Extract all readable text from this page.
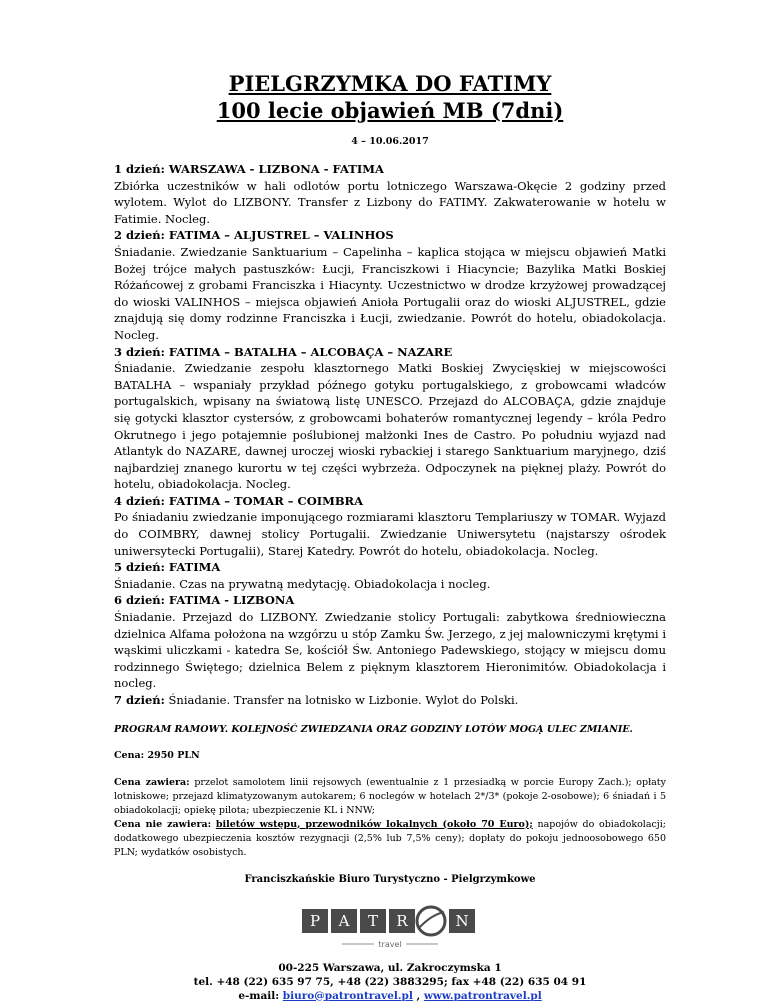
PIELGRZYMKA DO FATIMY
100 lecie objawień MB (7dni)
4 – 10.06.2017

1 dzień: WARSZAWA - LIZBONA - FATIMA
Zbiórka uczestników w hali odlotów portu lotniczego Warszawa-Okęcie 2 godziny przed wylotem. Wylot do LIZBONY. Transfer z Lizbony do FATIMY. Zakwaterowanie w hotelu w Fatimie. Nocleg.

2 dzień: FATIMA – ALJUSTREL – VALINHOS
Śniadanie. Zwiedzanie Sanktuarium – Capelinha – kaplica stojąca w miejscu objawień Matki Bożej trójce małych pastuszków: Łucji, Franciszkowi i Hiacyncie; Bazylika Matki Boskiej Różańcowej z grobami Franciszka i Hiacynty. Uczestnictwo w drodze krzyżowej prowadzącej do wioski VALINHOS – miejsca objawień Anioła Portugalii oraz do wioski ALJUSTREL, gdzie znajdują się domy rodzinne Franciszka i Łucji, zwiedzanie. Powrót do hotelu, obiadokolacja. Nocleg.

3 dzień: FATIMA – BATALHA – ALCOBAÇA – NAZARE
Śniadanie. Zwiedzanie zespołu klasztornego Matki Boskiej Zwycięskiej w miejscowości BATALHA – wspaniały przykład późnego gotyku portugalskiego, z grobowcami władców portugalskich, wpisany na światową listę UNESCO. Przejazd do ALCOBAÇA, gdzie znajduje się gotycki klasztor cystersów, z grobowcami bohaterów romantycznej legendy – króla Pedro Okrutnego i jego potajemnie poślubionej małżonki Ines de Castro. Po południu wyjazd nad Atlantyk do NAZARE, dawnej uroczej wioski rybackiej i starego Sanktuarium maryjnego, dziś najbardziej znanego kurortu w tej części wybrzeża. Odpoczynek na pięknej plaży. Powrót do hotelu, obiadokolacja. Nocleg.

4 dzień: FATIMA – TOMAR – COIMBRA
Po śniadaniu zwiedzanie imponującego rozmiarami klasztoru Templariuszy w TOMAR. Wyjazd do COIMBRY, dawnej stolicy Portugalii. Zwiedzanie Uniwersytetu (najstarszy ośrodek uniwersytecki Portugalii), Starej Katedry. Powrót do hotelu, obiadokolacja. Nocleg.

5 dzień: FATIMA
Śniadanie. Czas na prywatną medytację. Obiadokolacja i nocleg.

6 dzień: FATIMA - LIZBONA
Śniadanie. Przejazd do LIZBONY. Zwiedzanie stolicy Portugali: zabytkowa średniowieczna dzielnica Alfama położona na wzgórzu u stóp Zamku Św. Jerzego, z jej malowniczymi krętymi i wąskimi uliczkami - katedra Se, kościół Św. Antoniego Padewskiego, stojący w miejscu domu rodzinnego Świętego; dzielnica Belem z pięknym klasztorem Hieronimitów. Obiadokolacja i nocleg.

7 dzień: Śniadanie. Transfer na lotnisko w Lizbonie. Wylot do Polski.

PROGRAM RAMOWY. KOLEJNOŚĆ ZWIEDZANIA ORAZ GODZINY LOTÓW MOGĄ ULEC ZMIANIE.
Cena: 2950 PLN
Cena zawiera: przelot samolotem linii rejsowych (ewentualnie z 1 przesiadką w porcie Europy Zach.); opłaty lotniskowe; przejazd klimatyzowanym autokarem; 6 noclegów w hotelach 2*/3* (pokoje 2-osobowe); 6 śniadań i 5 obiadokolacji; opiekę pilota; ubezpieczenie KL i NNW;
Cena nie zawiera: biletów wstępu, przewodników lokalnych (około 70 Euro); napojów do obiadokolacji; dodatkowego ubezpieczenia kosztów rezygnacji (2,5% lub 7,5% ceny); dopłaty do pokoju jednoosobowego 650 PLN; wydatków osobistych.
Franciszkańskie Biuro Turystyczno - Pielgrzymkowe
P A T R	N
travel
00-225 Warszawa, ul. Zakroczymska 1
tel. +48 (22) 635 97 75, +48 (22) 3883295; fax +48 (22) 635 04 91
e-mail: biuro@patrontravel.pl , www.patrontravel.pl
